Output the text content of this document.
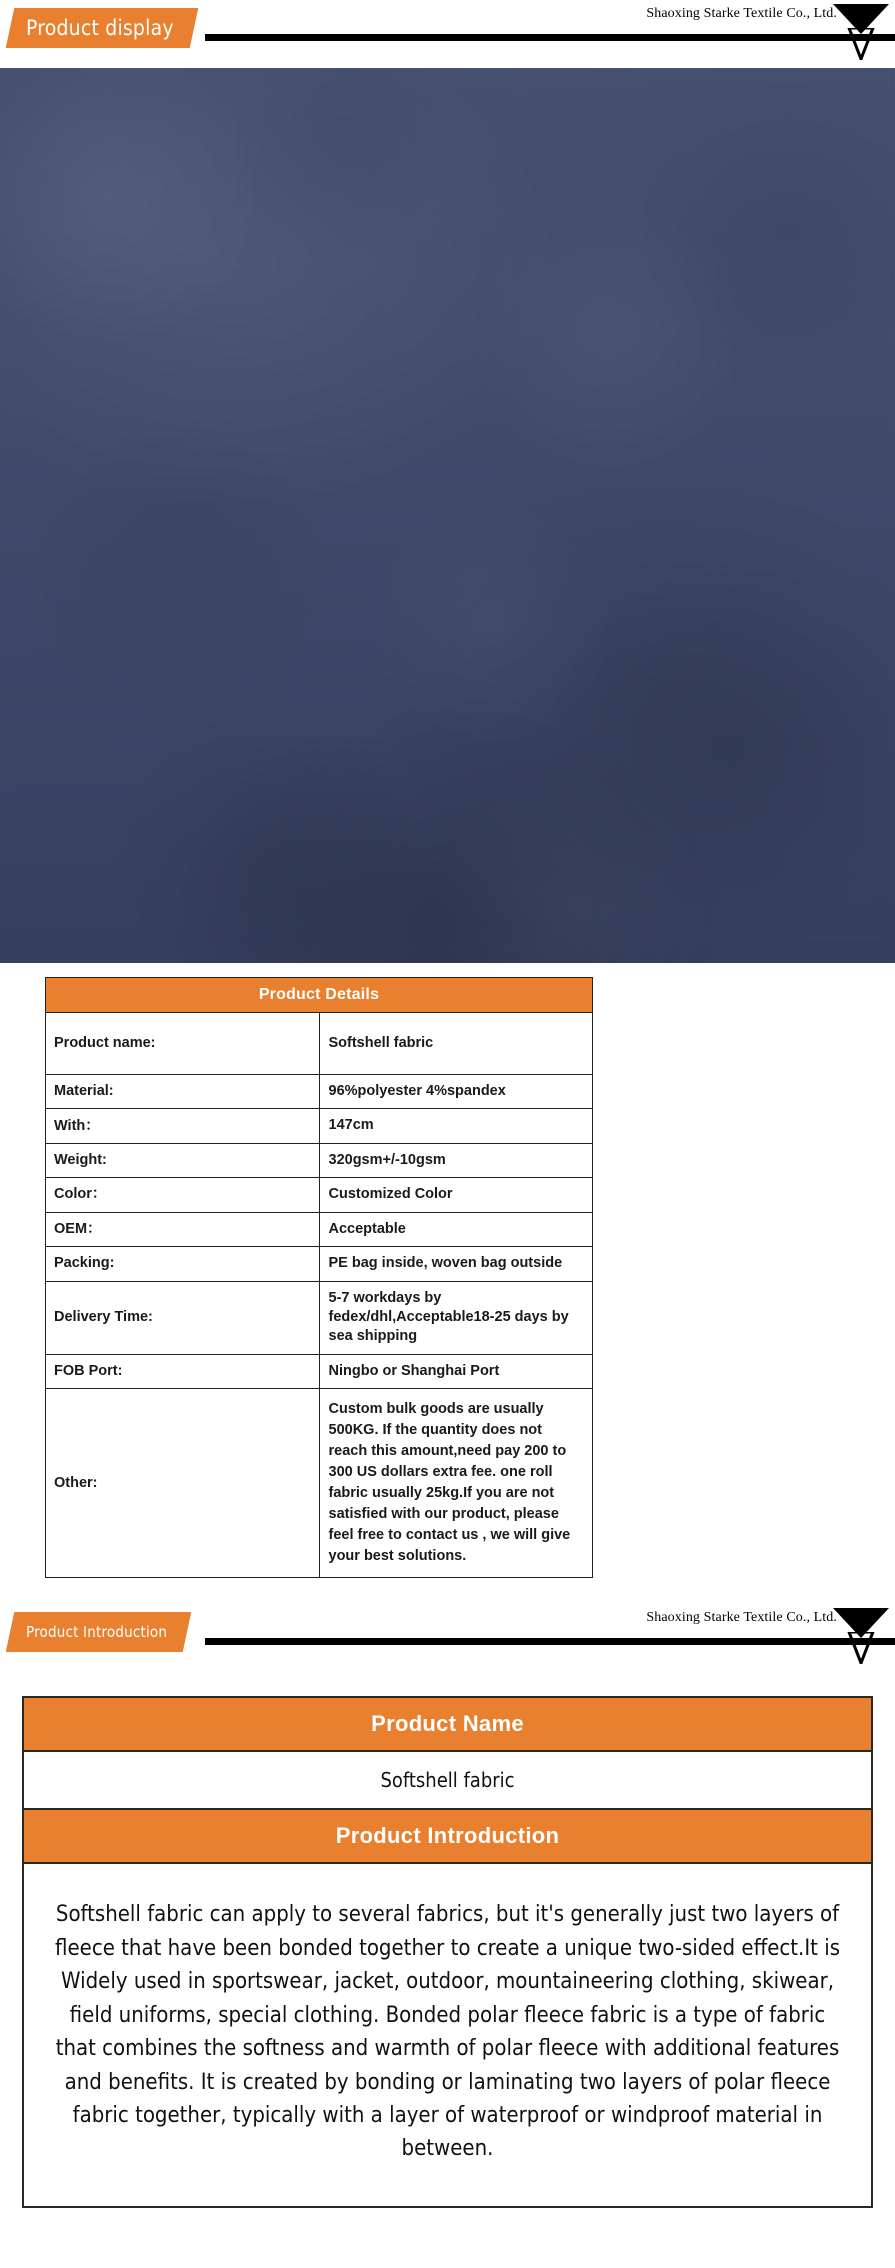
Product display
Shaoxing Starke Textile Co., Ltd.
Product Details	
Product name:	Softshell fabric
Material:	96%polyester 4%spandex
With：	147cm
Weight:	320gsm+/-10gsm
Color：	Customized Color
OEM：	Acceptable
Packing:	PE bag inside, woven bag outside
Delivery Time:	5-7 workdays by fedex/dhl,Acceptable18-25 days by sea shipping
FOB Port:	Ningbo or Shanghai Port
Other:	Custom bulk goods are usually 500KG. If the quantity does not reach this amount,need pay 200 to 300 US dollars extra fee. one roll fabric usually 25kg.If you are not satisfied with our product, please feel free to contact us , we will give your best solutions.
Product Introduction
Shaoxing Starke Textile Co., Ltd.
Product Name
Softshell fabric
Product Introduction
Softshell fabric can apply to several fabrics, but it's generally just two layers of fleece that have been bonded together to create a unique two-sided effect.It is Widely used in sportswear, jacket, outdoor, mountaineering clothing, skiwear, field uniforms, special clothing. Bonded polar fleece fabric is a type of fabric that combines the softness and warmth of polar fleece with additional features and benefits. It is created by bonding or laminating two layers of polar fleece fabric together, typically with a layer of waterproof or windproof material in between.
